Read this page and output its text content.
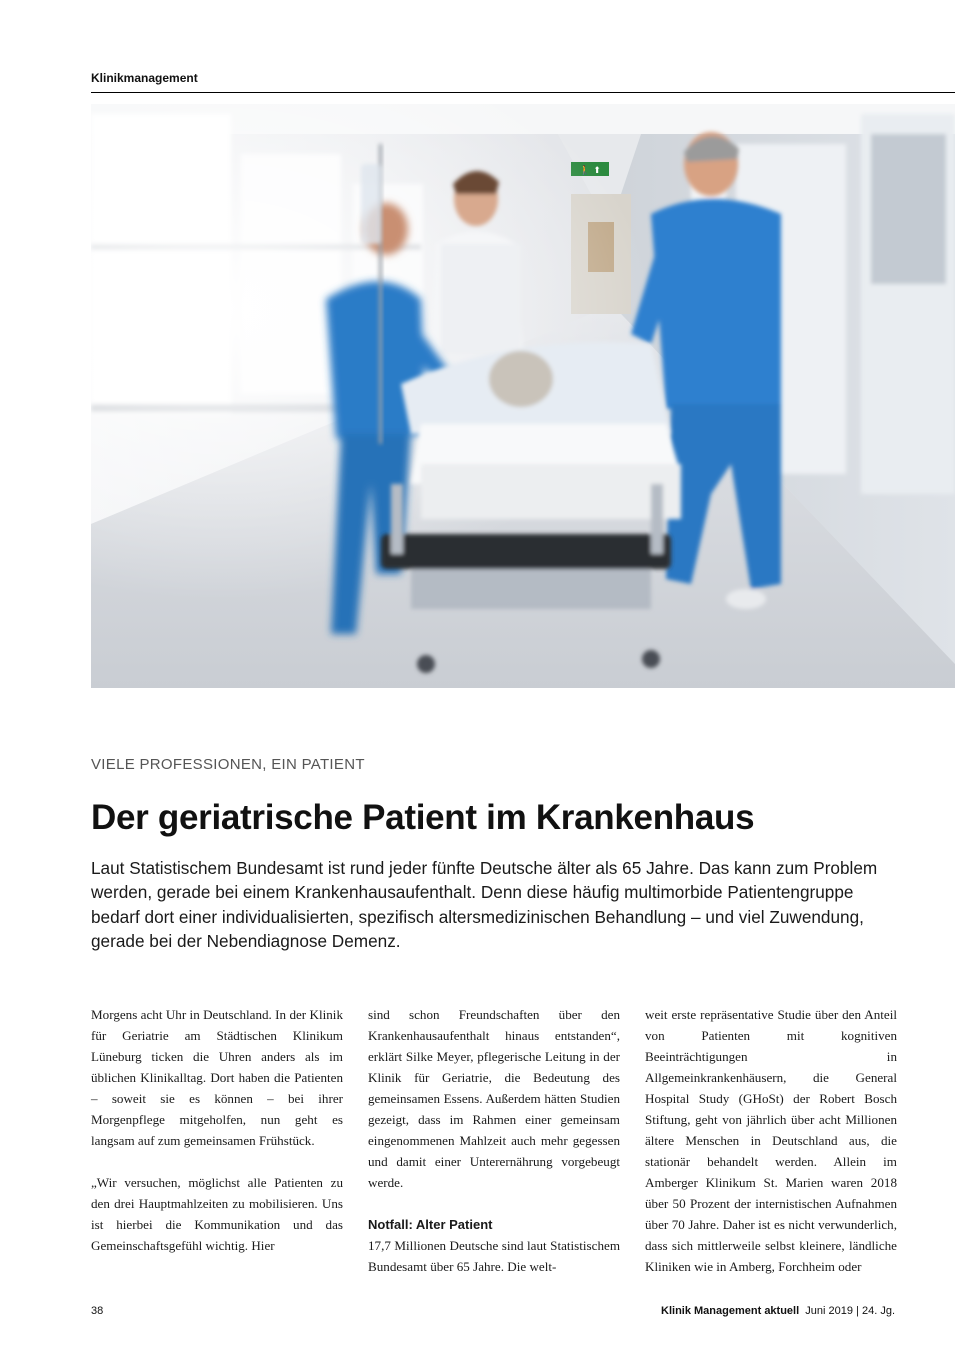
Klinikmanagement
VIELE PROFESSIONEN, EIN PATIENT
Der geriatrische Patient im Krankenhaus

Laut Statistischem Bundesamt ist rund jeder fünfte Deutsche älter als 65 Jahre. Das kann zum Problem werden, gerade bei einem Krankenhausaufenthalt. Denn diese häufig multimorbide Patientengruppe bedarf dort einer individualisierten, spezifisch altersmedizinischen Behandlung – und viel Zuwendung, gerade bei der Nebendiagnose Demenz.

Morgens acht Uhr in Deutschland. In der Klinik für Geriatrie am Städtischen Klinikum Lüneburg ticken die Uhren anders als im üblichen Klinikalltag. Dort haben die Patienten – soweit sie es können – bei ihrer Morgenpflege mitgeholfen, nun geht es langsam auf zum gemeinsamen Frühstück.

„Wir versuchen, möglichst alle Patienten zu den drei Hauptmahlzeiten zu mobilisieren. Uns ist hierbei die Kommunikation und das Gemeinschaftsgefühl wichtig. Hier

sind schon Freundschaften über den Krankenhausaufenthalt hinaus entstanden“, erklärt Silke Meyer, pflegerische Leitung in der Klinik für Geriatrie, die Bedeutung des gemeinsamen Essens. Außerdem hätten Studien gezeigt, dass im Rahmen einer gemeinsam eingenommenen Mahlzeit auch mehr gegessen und damit einer Unterernährung vorgebeugt werde.

Notfall: Alter Patient

17,7 Millionen Deutsche sind laut Statistischem Bundesamt über 65 Jahre. Die welt-

weit erste repräsentative Studie über den Anteil von Patienten mit kognitiven Beeinträchtigungen in Allgemeinkrankenhäusern, die General Hospital Study (GHoSt) der Robert Bosch Stiftung, geht von jährlich über acht Millionen ältere Menschen in Deutschland aus, die stationär behandelt werden. Allein im Amberger Klinikum St. Marien waren 2018 über 50 Prozent der internistischen Aufnahmen über 70 Jahre. Daher ist es nicht verwunderlich, dass sich mittlerweile selbst kleinere, ländliche Kliniken wie in Amberg, Forchheim oder

38	Klinik Management aktuell Juni 2019 | 24. Jg.
